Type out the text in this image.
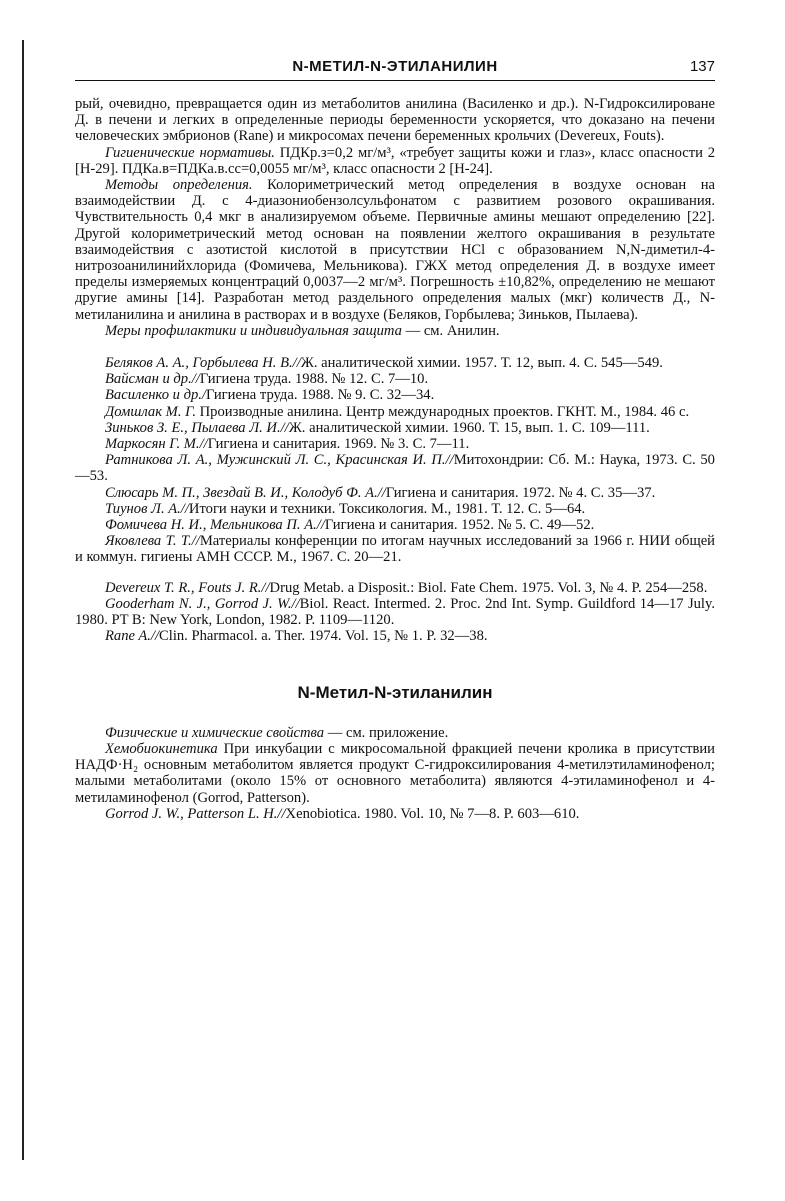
N-МЕТИЛ-N-ЭТИЛАНИЛИН	137

рый, очевидно, превращается один из метаболитов анилина (Василенко и др.). N-Гидроксилироване Д. в печени и легких в определенные периоды беременности ускоряется, что доказано на печени человеческих эмбрионов (Rane) и микросомах печени беременных крольчих (Devereux, Fouts).

Гигиенические нормативы. ПДКр.з=0,2 мг/м³, «требует защиты кожи и глаз», класс опасности 2 [Н-29]. ПДКа.в=ПДКа.в.сс=0,0055 мг/м³, класс опасности 2 [Н-24].

Методы определения. Колориметрический метод определения в воздухе основан на взаимодействии Д. с 4-диазониобензолсульфонатом с развитием розового окрашивания. Чувствительность 0,4 мкг в анализируемом объеме. Первичные амины мешают определению [22]. Другой колориметрический метод основан на появлении желтого окрашивания в результате взаимодействия с азотистой кислотой в присутствии НCl с образованием N,N-диметил-4-нитрозоанилинийхлорида (Фомичева, Мельникова). ГЖХ метод определения Д. в воздухе имеет пределы измеряемых концентраций 0,0037—2 мг/м³. Погрешность ±10,82%, определению не мешают другие амины [14]. Разработан метод раздельного определения малых (мкг) количеств Д., N-метиланилина и анилина в растворах и в воздухе (Беляков, Горбылева; Зиньков, Пылаева).

Меры профилактики и индивидуальная защита — см. Анилин.

Беляков А. А., Горбылева Н. В.//Ж. аналитической химии. 1957. Т. 12, вып. 4. С. 545—549.

Вайсман и др.//Гигиена труда. 1988. № 12. С. 7—10.

Василенко и др./Гигиена труда. 1988. № 9. С. 32—34.

Домшлак М. Г. Производные анилина. Центр международных проектов. ГКНТ. М., 1984. 46 с.

Зиньков З. Е., Пылаева Л. И.//Ж. аналитической химии. 1960. Т. 15, вып. 1. С. 109—111.

Маркосян Г. М.//Гигиена и санитария. 1969. № 3. С. 7—11.

Ратникова Л. А., Мужинский Л. С., Красинская И. П.//Митохондрии: Сб. М.: Наука, 1973. С. 50—53.

Слюсарь М. П., Звездай В. И., Колодуб Ф. А.//Гигиена и санитария. 1972. № 4. С. 35—37.

Тиунов Л. А.//Итоги науки и техники. Токсикология. М., 1981. Т. 12. С. 5—64.

Фомичева Н. И., Мельникова П. А.//Гигиена и санитария. 1952. № 5. С. 49—52.

Яковлева Т. Т.//Материалы конференции по итогам научных исследований за 1966 г. НИИ общей и коммун. гигиены АМН СССР. М., 1967. С. 20—21.

Devereux T. R., Fouts J. R.//Drug Metab. a Disposit.: Biol. Fate Chem. 1975. Vol. 3, № 4. P. 254—258.

Gooderham N. J., Gorrod J. W.//Biol. React. Intermed. 2. Proc. 2nd Int. Symp. Guildford 14—17 July. 1980. PT B: New York, London, 1982. P. 1109—1120.

Rane A.//Clin. Pharmacol. a. Ther. 1974. Vol. 15, № 1. P. 32—38.

N-Метил-N-этиланилин

Физические и химические свойства — см. приложение.

Хемобиокинетика При инкубации с микросомальной фракцией печени кролика в присутствии НАДФ·Н₂ основным метаболитом является продукт С-гидроксилирования 4-метилэтиламинофенол; малыми метаболитами (около 15% от основного метаболита) являются 4-этиламинофенол и 4-метиламинофенол (Gorrod, Patterson).

Gorrod J. W., Patterson L. H.//Xenobiotica. 1980. Vol. 10, № 7—8. P. 603—610.
